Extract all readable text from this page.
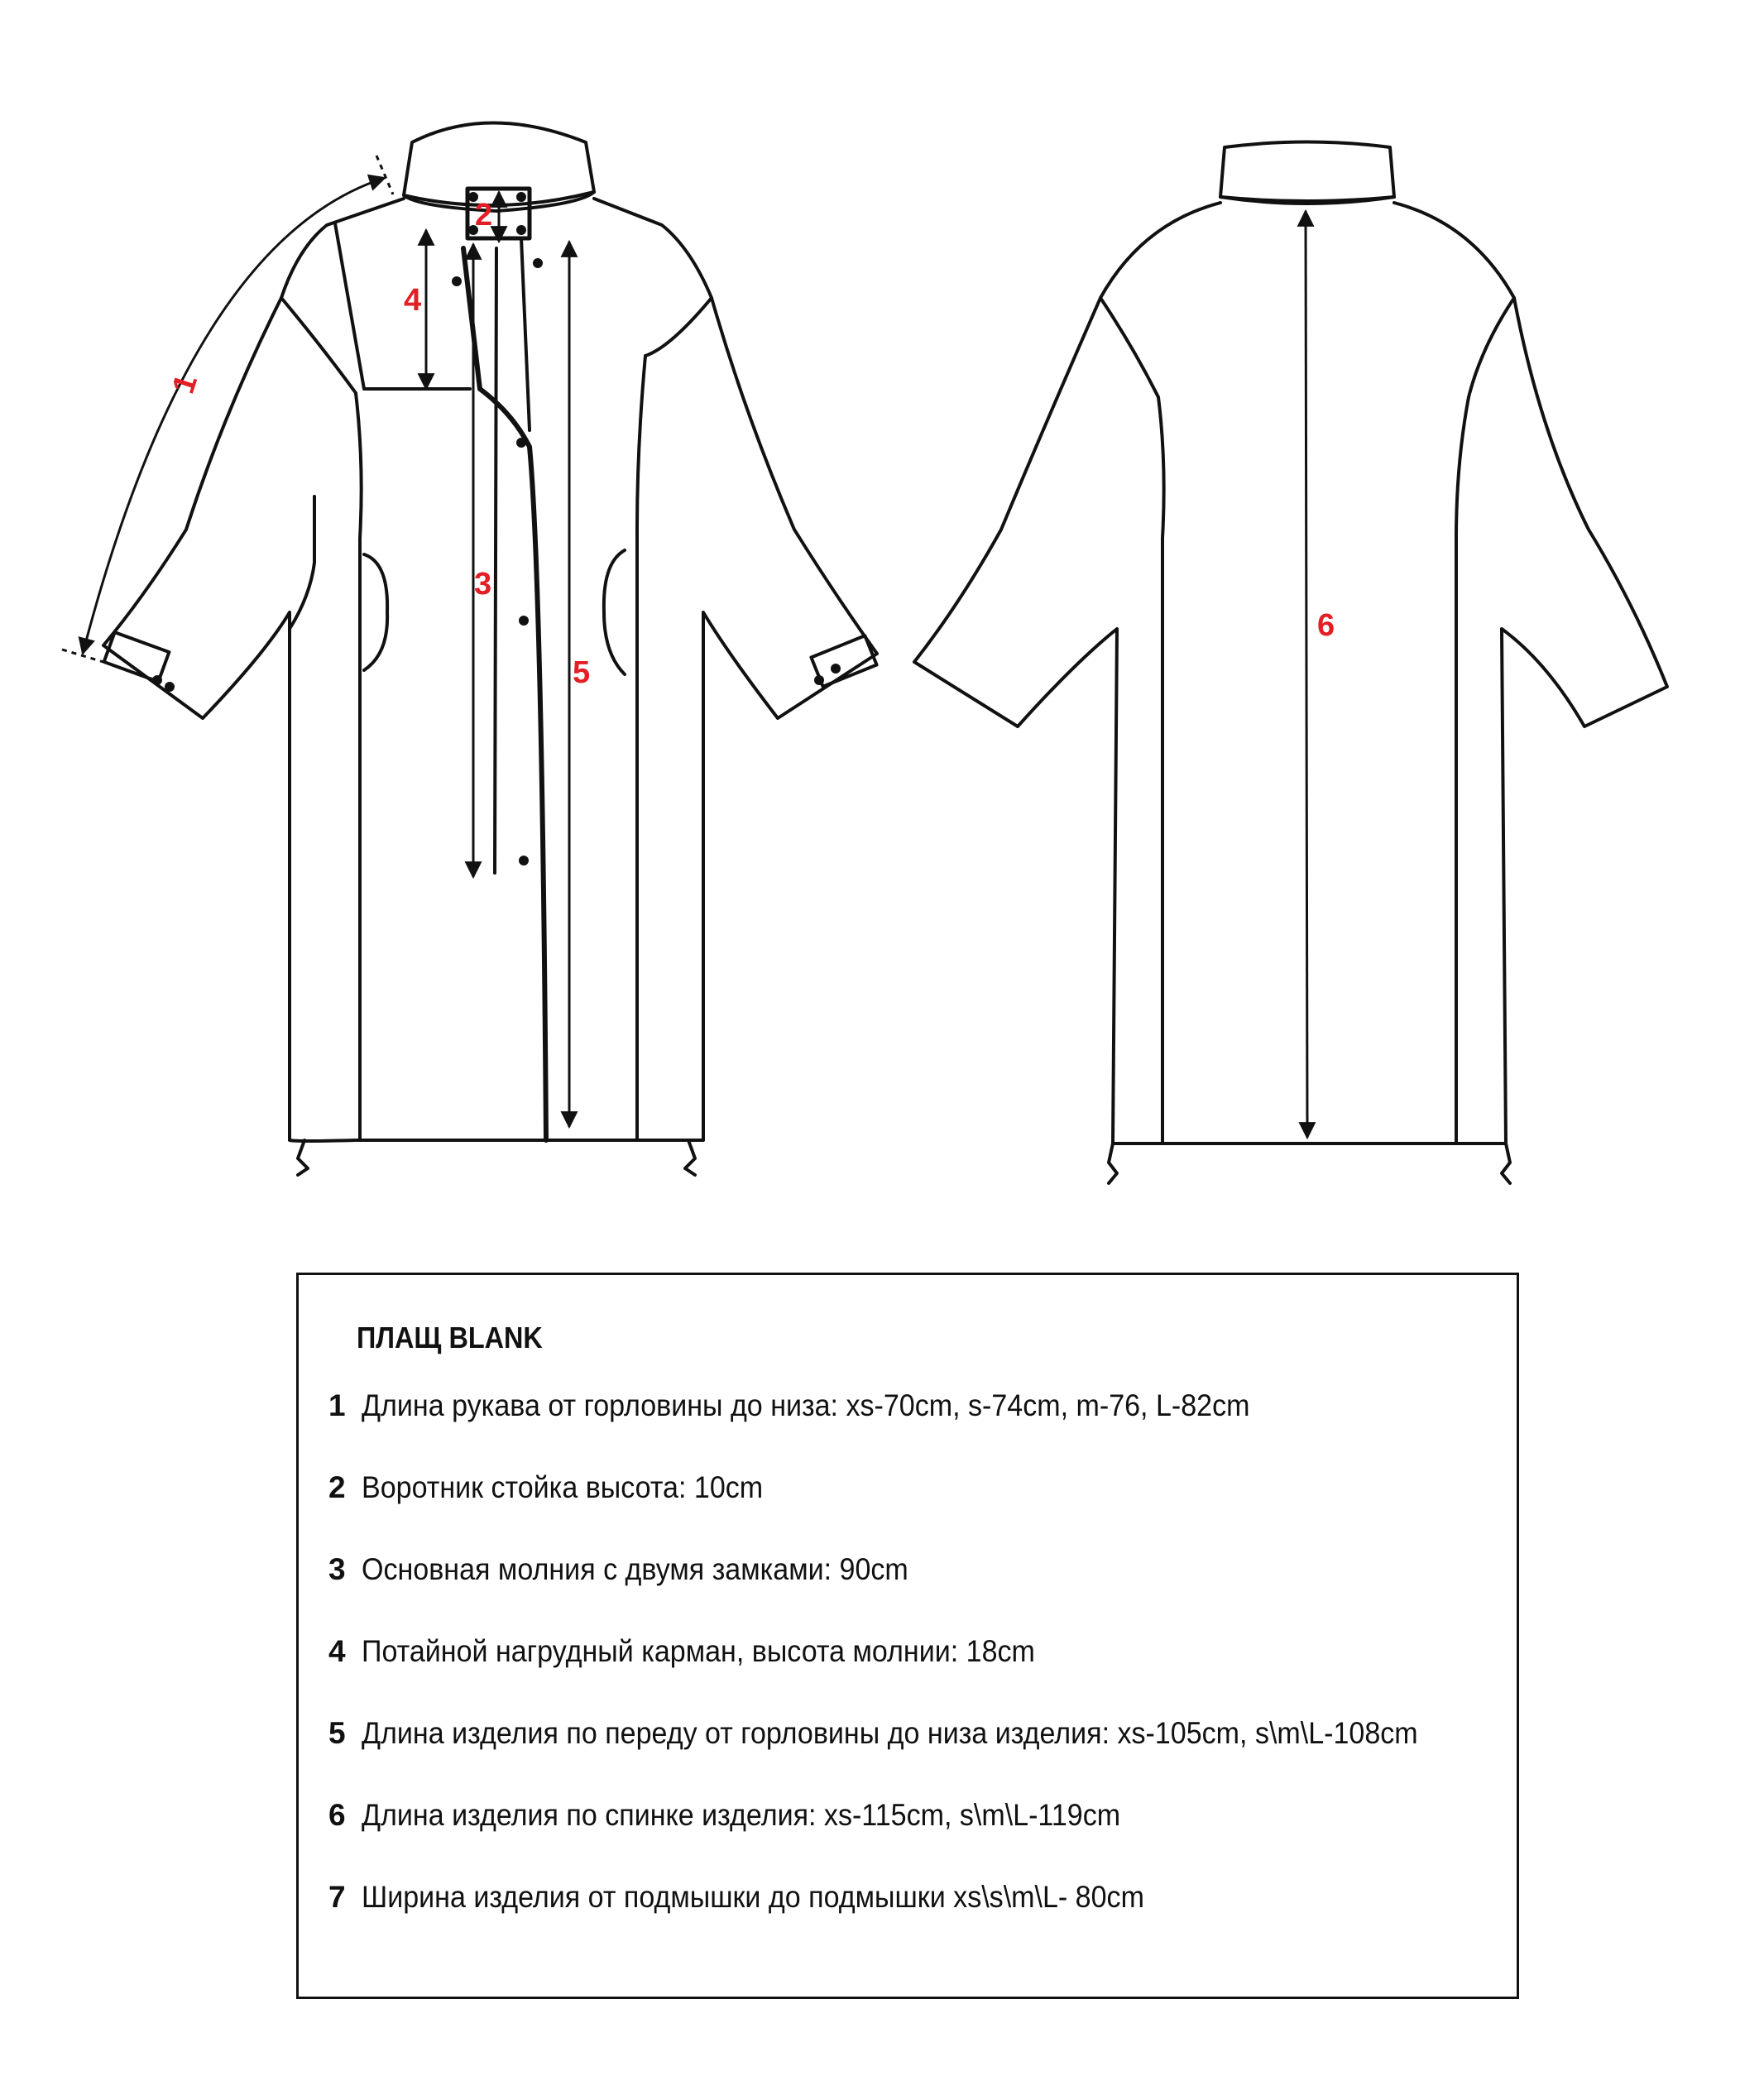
1
2
3
4
5
6
ПЛАЩ BLANK
1 Длина рукава от горловины до низа: xs-70cm, s-74cm, m-76, L-82cm
2 Воротник стойка высота: 10cm
3 Основная молния с двумя замками: 90cm
4 Потайной нагрудный карман, высота молнии: 18cm
5 Длина изделия по переду от горловины до низа изделия: xs-105cm, s\m\L-108cm
6 Длина изделия по спинке изделия: xs-115cm, s\m\L-119cm
7 Ширина изделия от подмышки до подмышки xs\s\m\L- 80cm
